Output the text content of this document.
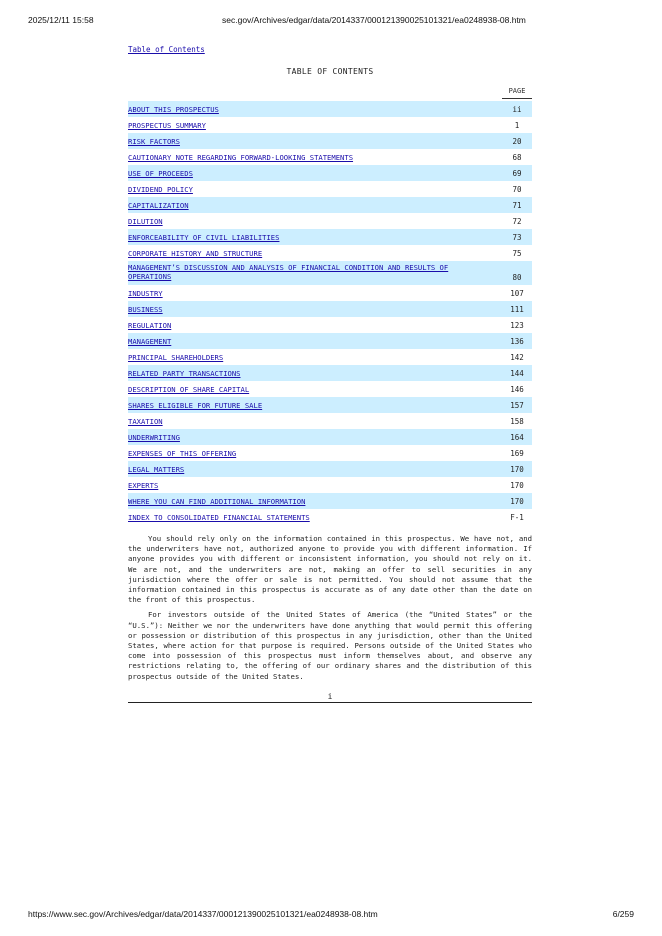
2025/12/11 15:58	sec.gov/Archives/edgar/data/2014337/000121390025101321/ea0248938-08.htm
Table of Contents
TABLE OF CONTENTS
PAGE
ABOUT THIS PROSPECTUS	ii
PROSPECTUS SUMMARY	1
RISK FACTORS	20
CAUTIONARY NOTE REGARDING FORWARD-LOOKING STATEMENTS	68
USE OF PROCEEDS	69
DIVIDEND POLICY	70
CAPITALIZATION	71
DILUTION	72
ENFORCEABILITY OF CIVIL LIABILITIES	73
CORPORATE HISTORY AND STRUCTURE	75
MANAGEMENT’S DISCUSSION AND ANALYSIS OF FINANCIAL CONDITION AND RESULTS OF OPERATIONS	80
INDUSTRY	107
BUSINESS	111
REGULATION	123
MANAGEMENT	136
PRINCIPAL SHAREHOLDERS	142
RELATED PARTY TRANSACTIONS	144
DESCRIPTION OF SHARE CAPITAL	146
SHARES ELIGIBLE FOR FUTURE SALE	157
TAXATION	158
UNDERWRITING	164
EXPENSES OF THIS OFFERING	169
LEGAL MATTERS	170
EXPERTS	170
WHERE YOU CAN FIND ADDITIONAL INFORMATION	170
INDEX TO CONSOLIDATED FINANCIAL STATEMENTS	F-1

You should rely only on the information contained in this prospectus. We have not, and the underwriters have not, authorized anyone to provide you with different information. If anyone provides you with different or inconsistent information, you should not rely on it. We are not, and the underwriters are not, making an offer to sell securities in any jurisdiction where the offer or sale is not permitted. You should not assume that the information contained in this prospectus is accurate as of any date other than the date on the front of this prospectus.

For investors outside of the United States of America (the “United States” or the “U.S.”): Neither we nor the underwriters have done anything that would permit this offering or possession or distribution of this prospectus in any jurisdiction, other than the United States, where action for that purpose is required. Persons outside of the United States who come into possession of this prospectus must inform themselves about, and observe any restrictions relating to, the offering of our ordinary shares and the distribution of this prospectus outside of the United States.

i
https://www.sec.gov/Archives/edgar/data/2014337/000121390025101321/ea0248938-08.htm	6/259
